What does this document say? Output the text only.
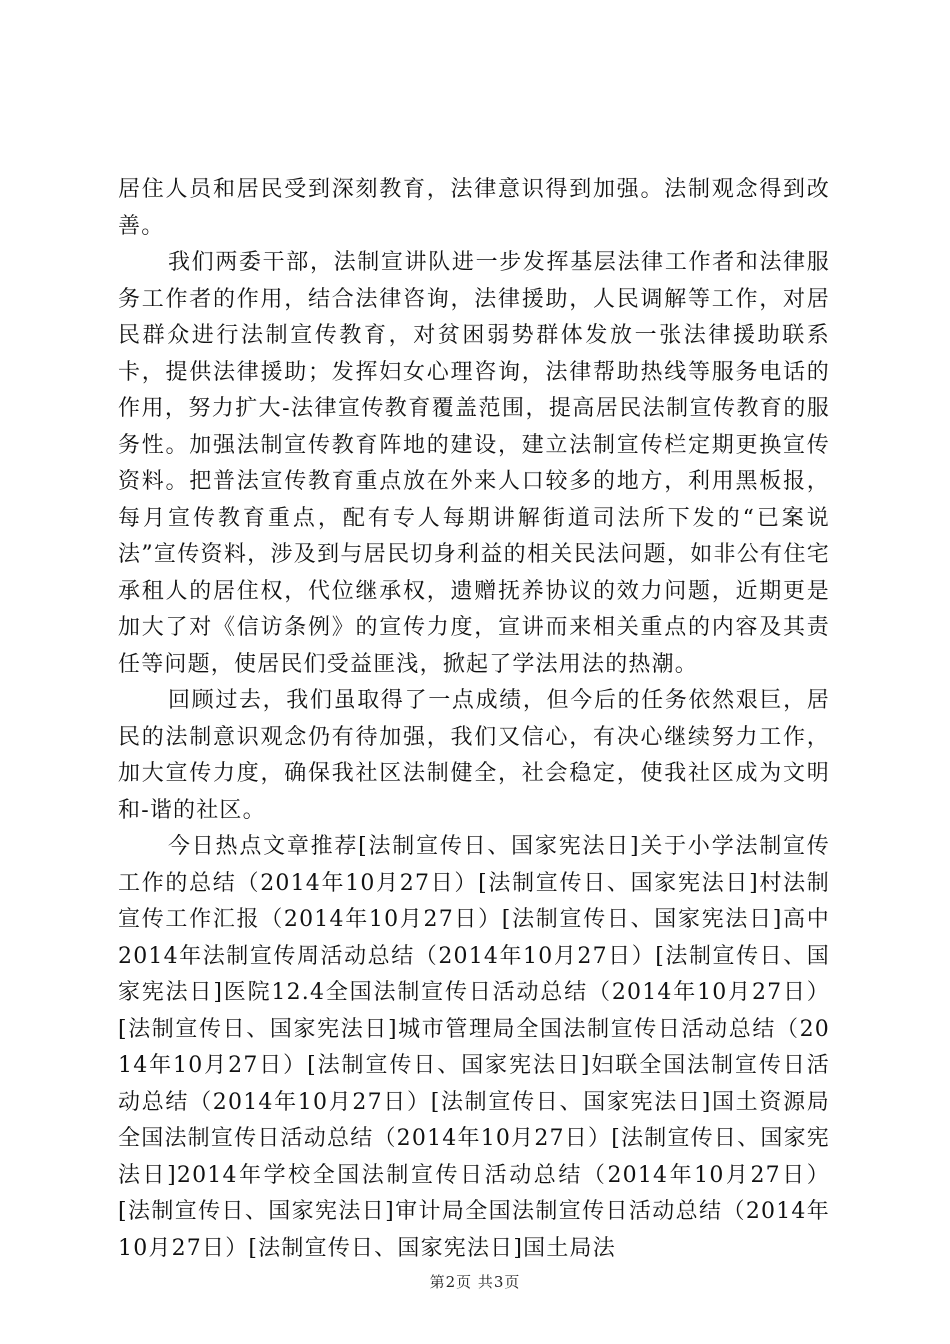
居住人员和居民受到深刻教育，法律意识得到加强。法制观念得到改善。

我们两委干部，法制宣讲队进一步发挥基层法律工作者和法律服务工作者的作用，结合法律咨询，法律援助，人民调解等工作，对居民群众进行法制宣传教育，对贫困弱势群体发放一张法律援助联系卡，提供法律援助；发挥妇女心理咨询，法律帮助热线等服务电话的作用，努力扩大-法律宣传教育覆盖范围，提高居民法制宣传教育的服务性。加强法制宣传教育阵地的建设，建立法制宣传栏定期更换宣传资料。把普法宣传教育重点放在外来人口较多的地方，利用黑板报，每月宣传教育重点，配有专人每期讲解街道司法所下发的“已案说法”宣传资料，涉及到与居民切身利益的相关民法问题，如非公有住宅承租人的居住权，代位继承权，遗赠抚养协议的效力问题，近期更是加大了对《信访条例》的宣传力度，宣讲而来相关重点的内容及其责任等问题，使居民们受益匪浅，掀起了学法用法的热潮。

回顾过去，我们虽取得了一点成绩，但今后的任务依然艰巨，居民的法制意识观念仍有待加强，我们又信心，有决心继续努力工作，加大宣传力度，确保我社区法制健全，社会稳定，使我社区成为文明和-谐的社区。

今日热点文章推荐[法制宣传日、国家宪法日]关于小学法制宣传工作的总结（2014年10月27日）[法制宣传日、国家宪法日]村法制宣传工作汇报（2014年10月27日）[法制宣传日、国家宪法日]高中2014年法制宣传周活动总结（2014年10月27日）[法制宣传日、国家宪法日]医院12.4全国法制宣传日活动总结（2014年10月27日）[法制宣传日、国家宪法日]城市管理局全国法制宣传日活动总结（2014年10月27日）[法制宣传日、国家宪法日]妇联全国法制宣传日活动总结（2014年10月27日）[法制宣传日、国家宪法日]国土资源局全国法制宣传日活动总结（2014年10月27日）[法制宣传日、国家宪法日]2014年学校全国法制宣传日活动总结（2014年10月27日）[法制宣传日、国家宪法日]审计局全国法制宣传日活动总结（2014年10月27日）[法制宣传日、国家宪法日]国土局法

第2页 共3页
